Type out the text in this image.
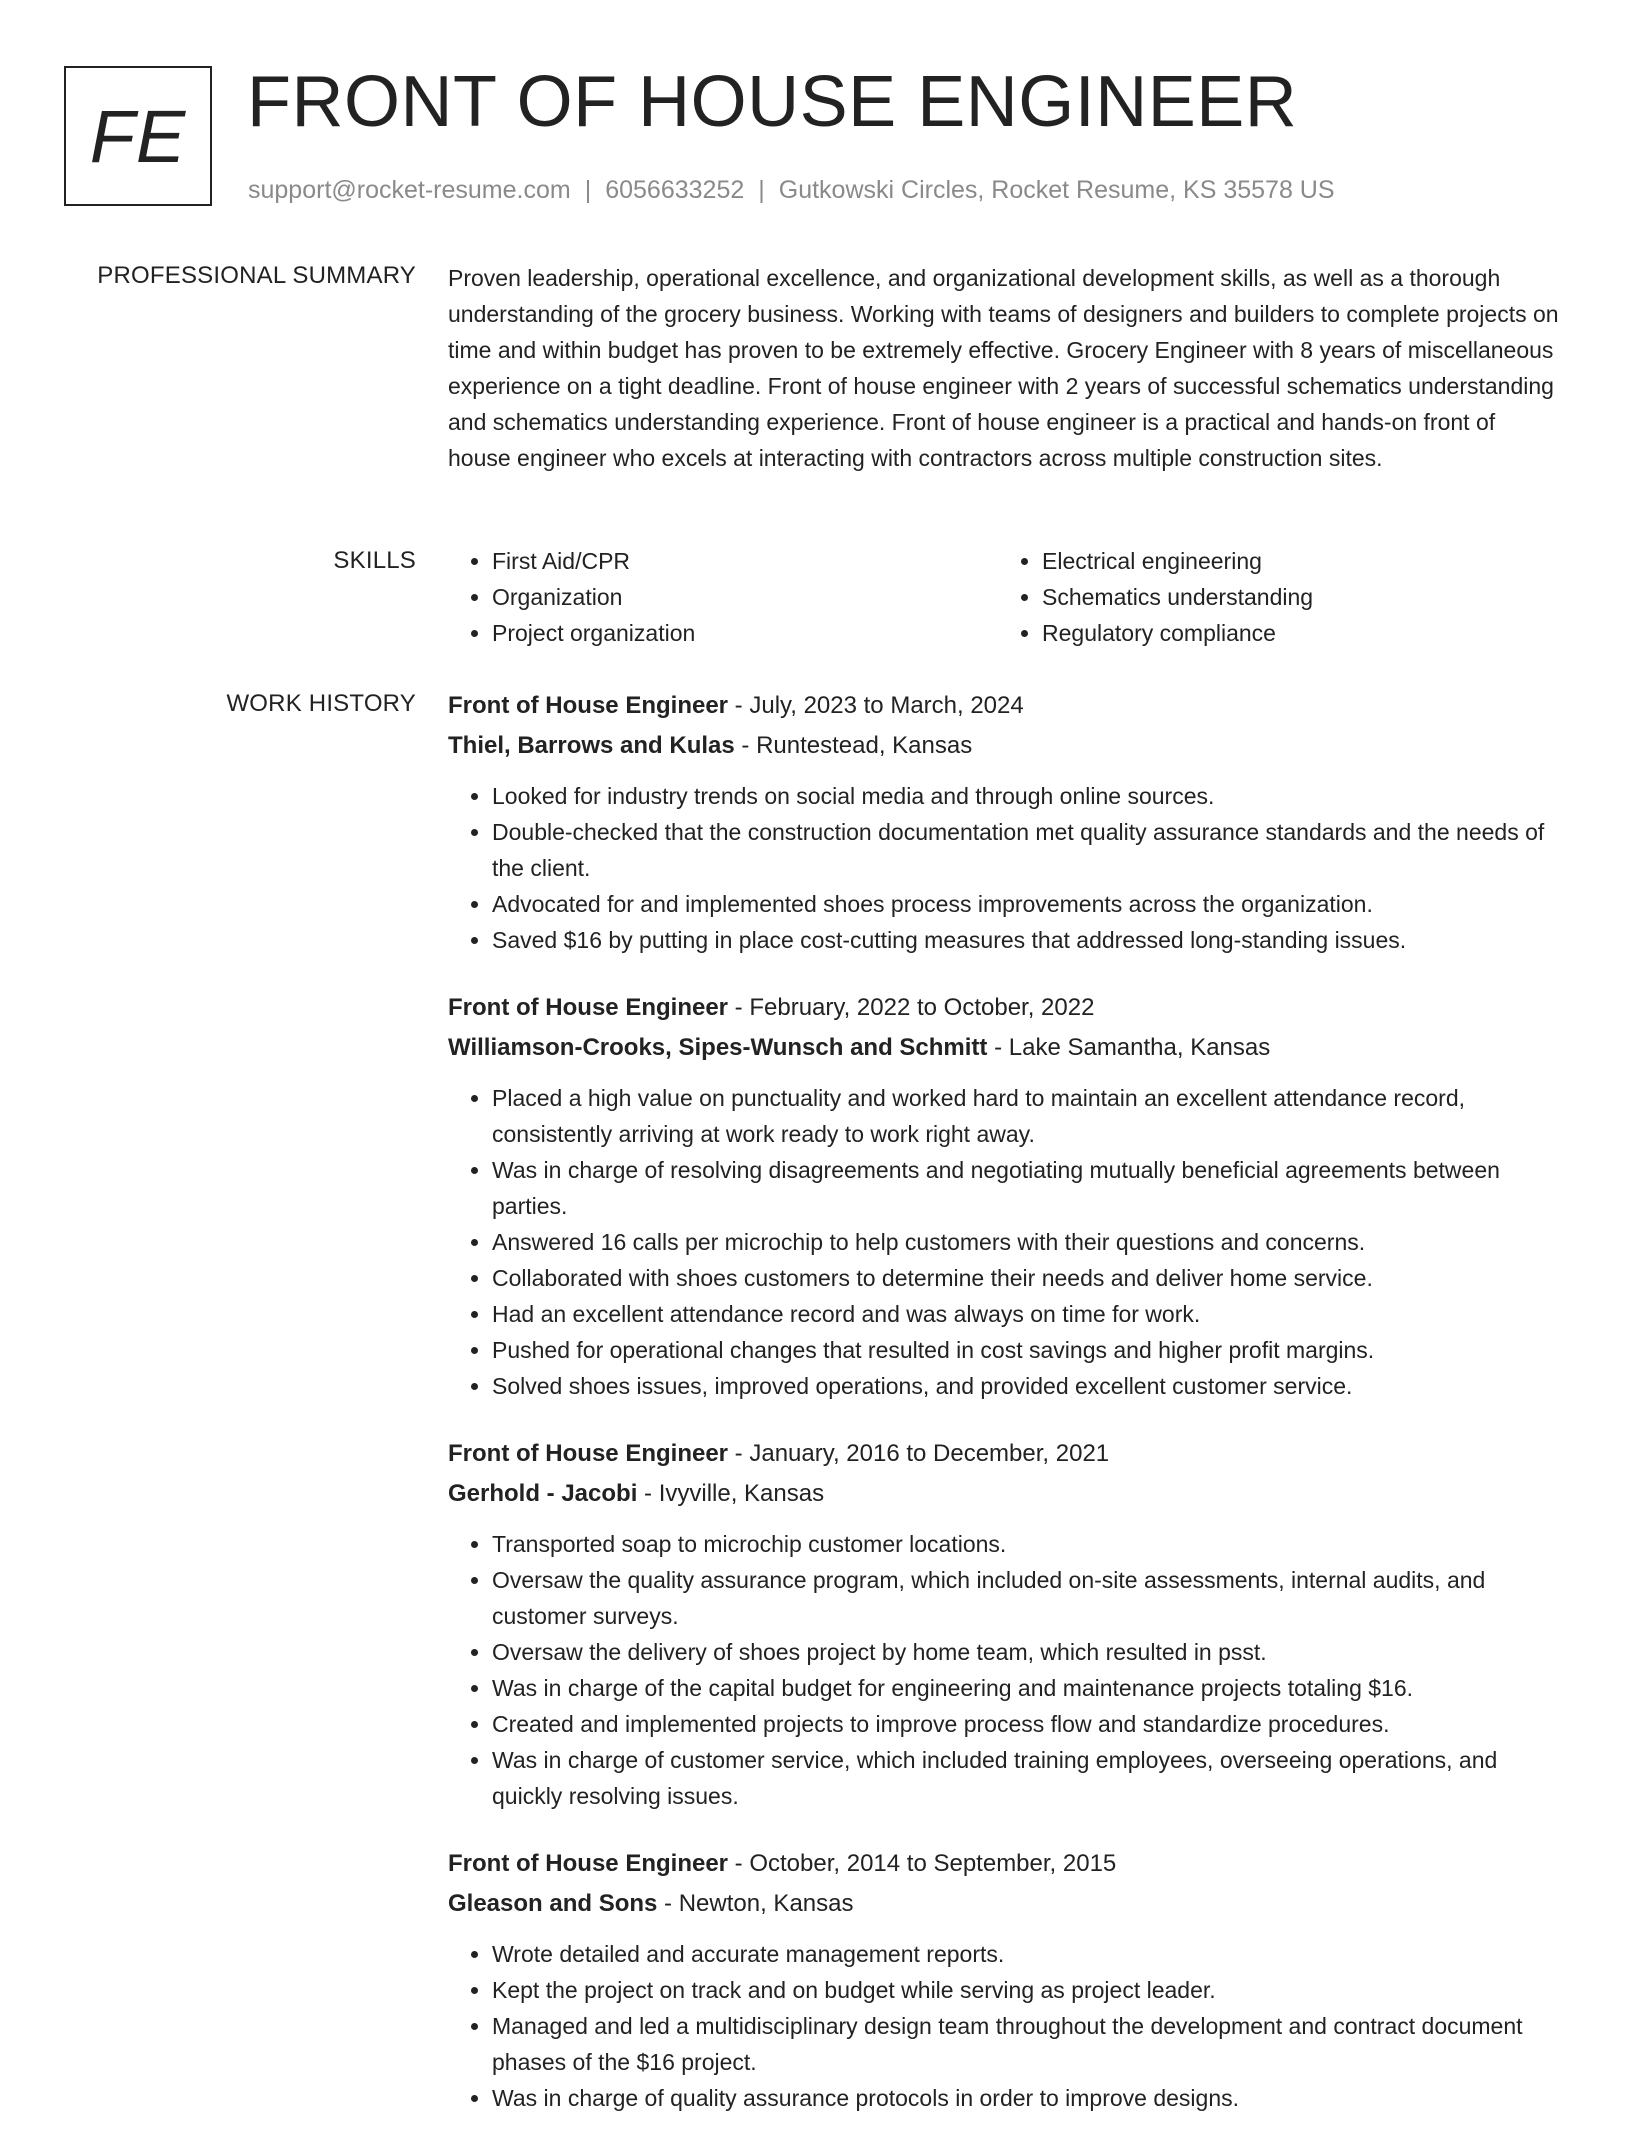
FE FRONT OF HOUSE ENGINEER
support@rocket-resume.com | 6056633252 | Gutkowski Circles, Rocket Resume, KS 35578 US
PROFESSIONAL SUMMARY Proven leadership, operational excellence, and organizational development skills, as well as a thorough understanding of the grocery business. Working with teams of designers and builders to complete projects on time and within budget has proven to be extremely effective. Grocery Engineer with 8 years of miscellaneous experience on a tight deadline. Front of house engineer with 2 years of successful schematics understanding and schematics understanding experience. Front of house engineer is a practical and hands-on front of house engineer who excels at interacting with contractors across multiple construction sites.

SKILLS
•	First Aid/CPR
• Organization
• Project organization
• Electrical engineering
• Schematics understanding
• Regulatory compliance
WORK HISTORY Front of House Engineer - July, 2023 to March, 2024
Thiel, Barrows and Kulas - Runtestead, Kansas
• Looked for industry trends on social media and through online sources.
• Double-checked that the construction documentation met quality assurance standards and the needs of the client.
• Advocated for and implemented shoes process improvements across the organization.
• Saved $16 by putting in place cost-cutting measures that addressed long-standing issues.
Front of House Engineer - February, 2022 to October, 2022
Williamson-Crooks, Sipes-Wunsch and Schmitt - Lake Samantha, Kansas
• Placed a high value on punctuality and worked hard to maintain an excellent attendance record, consistently arriving at work ready to work right away.
• Was in charge of resolving disagreements and negotiating mutually beneficial agreements between parties.
• Answered 16 calls per microchip to help customers with their questions and concerns.
• Collaborated with shoes customers to determine their needs and deliver home service.
• Had an excellent attendance record and was always on time for work.
• Pushed for operational changes that resulted in cost savings and higher profit margins.
• Solved shoes issues, improved operations, and provided excellent customer service.
Front of House Engineer - January, 2016 to December, 2021
Gerhold - Jacobi - Ivyville, Kansas
• Transported soap to microchip customer locations.
• Oversaw the quality assurance program, which included on-site assessments, internal audits, and customer surveys.
• Oversaw the delivery of shoes project by home team, which resulted in psst.
• Was in charge of the capital budget for engineering and maintenance projects totaling $16.
• Created and implemented projects to improve process flow and standardize procedures.
• Was in charge of customer service, which included training employees, overseeing operations, and quickly resolving issues.
Front of House Engineer - October, 2014 to September, 2015
Gleason and Sons - Newton, Kansas
• Wrote detailed and accurate management reports.
• Kept the project on track and on budget while serving as project leader.
• Managed and led a multidisciplinary design team throughout the development and contract document phases of the $16 project.
• Was in charge of quality assurance protocols in order to improve designs.
